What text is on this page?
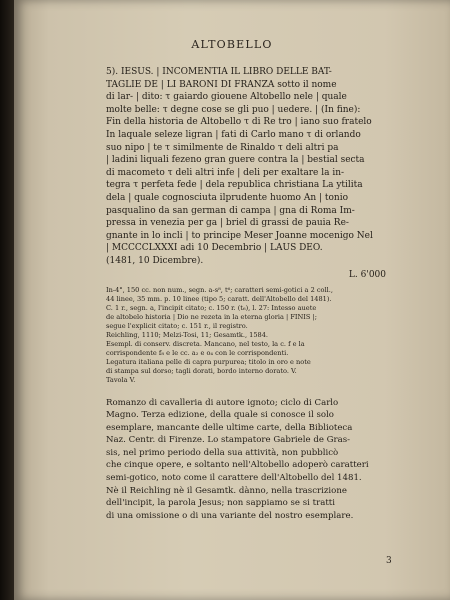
ALTOBELLO

5). IESUS. | INCOMENTIA IL LIBRO DELLE BAT-
TAGLIE DE | LI BARONI DI FRANZA sotto il nome
di lar- | dito: τ gaiardo giouene Altobello nele | quale
molte belle: τ degne cose se gli puo | uedere. | (In fine):
Fin della historia de Altobello τ di Re tro | iano suo fratelo
In laquale seleze ligran | fati di Carlo mano τ di orlando
suo nipo | te τ similmente de Rinaldo τ deli altri pa
| ladini liquali fezeno gran guere contra la | bestial secta
di macometo τ deli altri infe | deli per exaltare la in-
tegra τ perfeta fede | dela republica christiana La ytilita
dela | quale cognosciuta ilprudente huomo An | tonio
pasqualino da san german di campa | gna di Roma Im-
pressa in venezia per ga | briel di grassi de pauia Re-
gnante in lo incli | to principe Meser Joanne mocenigo Nel
| MCCCCLXXXI adi 10 Decembrio | LAUS DEO.
(1481, 10 Dicembre).

L. 6'000

In-4°, 150 cc. non num., segn. a-s⁸, t⁶; caratteri semi-gotici a 2 coll.,
44 linee, 35 mm. p. 10 linee (tipo 5; caratt. dell'Altobello del 1481).
C. 1 r., segn. a, l'incipit citato; c. 150 r. (t₆), l. 27: Intesso auete
de altobelo historia | Dio ne rezeta in la eterna gloria | FINIS |;
segue l'explicit citato; c. 151 r., il registro.
Reichling, 1110; Melzi-Tosi, 11; Gesamtk., 1584.
Esempl. di conserv. discreta. Mancano, nel testo, la c. f e la
corrispondente f₈ e le cc. a₂ e o₄ con le corrispondenti.
Legatura italiana pelle di capra purpurea; titolo in oro e note
di stampa sul dorso; tagli dorati, bordo interno dorato. V.
Tavola V.

Romanzo di cavalleria di autore ignoto; ciclo di Carlo
Magno. Terza edizione, della quale si conosce il solo
esemplare, mancante delle ultime carte, della Biblioteca
Naz. Centr. di Firenze. Lo stampatore Gabriele de Gras-
sis, nel primo periodo della sua attività, non pubblicò
che cinque opere, e soltanto nell'Altobello adoperò caratteri
semi-gotico, noto come il carattere dell'Altobello del 1481.
Nè il Reichling nè il Gesamtk. dànno, nella trascrizione
dell'incipit, la parola Jesus; non sappiamo se si tratti
di una omissione o di una variante del nostro esemplare.

3
